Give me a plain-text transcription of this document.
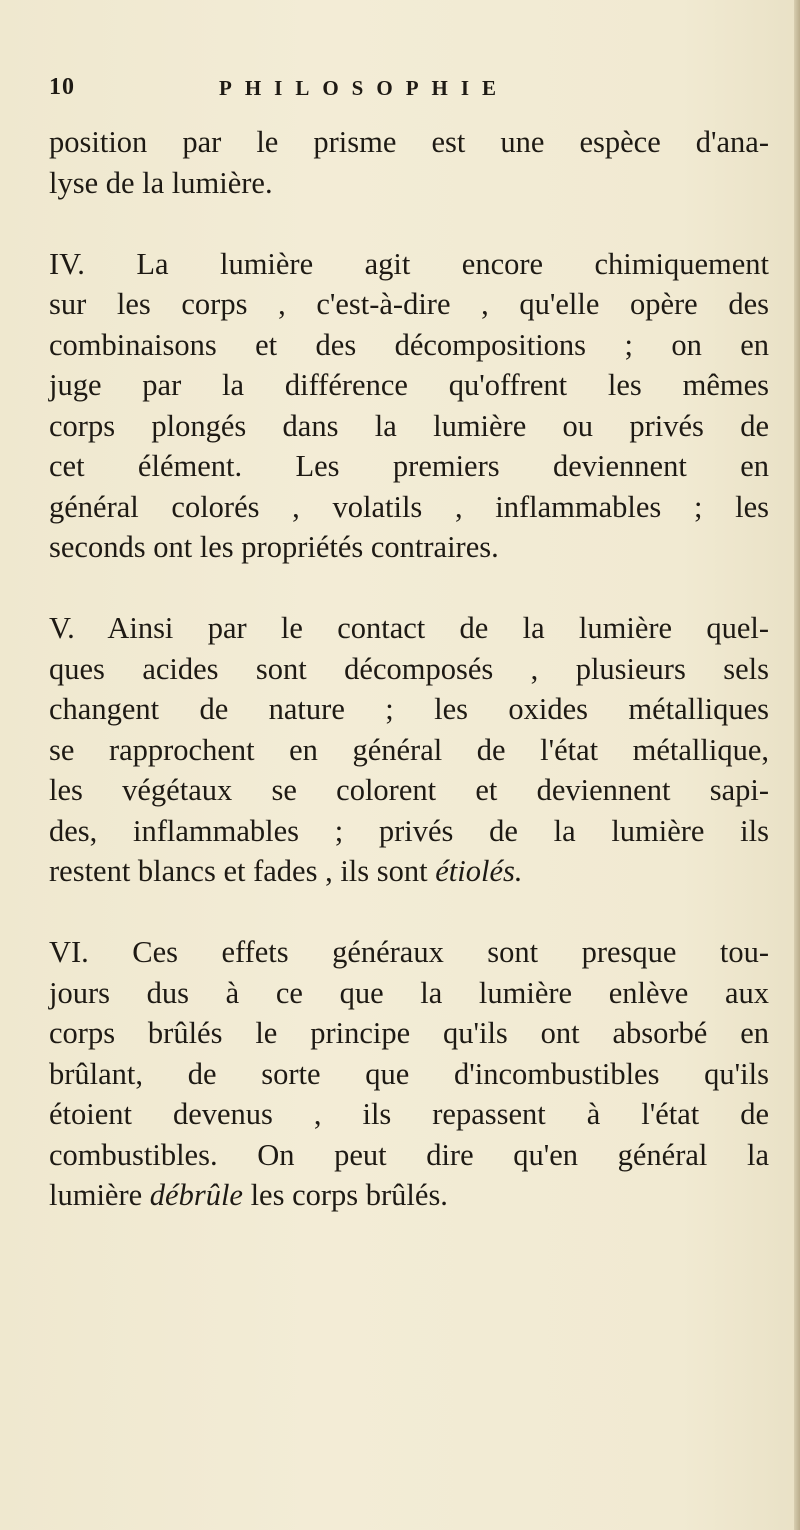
10	PHILOSOPHIE

position par le prisme est une espèce d'ana-
lyse de la lumière.

IV. La lumière agit encore chimiquement
sur les corps , c'est-à-dire , qu'elle opère des
combinaisons et des décompositions ; on en
juge par la différence qu'offrent les mêmes
corps plongés dans la lumière ou privés de
cet élément. Les premiers deviennent en
général colorés , volatils , inflammables ; les
seconds ont les propriétés contraires.

V. Ainsi par le contact de la lumière quel-
ques acides sont décomposés , plusieurs sels
changent de nature ; les oxides métalliques
se rapprochent en général de l'état métallique,
les végétaux se colorent et deviennent sapi-
des, inflammables ; privés de la lumière ils
restent blancs et fades , ils sont étiolés.

VI. Ces effets généraux sont presque tou-
jours dus à ce que la lumière enlève aux
corps brûlés le principe qu'ils ont absorbé en
brûlant, de sorte que d'incombustibles qu'ils
étoient devenus , ils repassent à l'état de
combustibles. On peut dire qu'en général la
lumière débrûle les corps brûlés.
